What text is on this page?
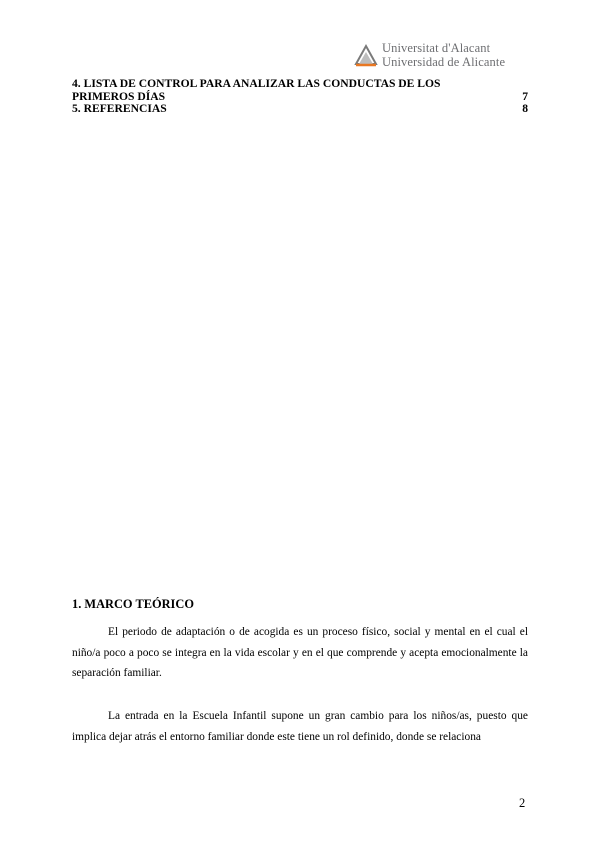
Universitat d'Alacant
Universidad de Alicante
4. LISTA DE CONTROL PARA ANALIZAR LAS CONDUCTAS DE LOS PRIMEROS DÍAS	7
5. REFERENCIAS	8
1. MARCO TEÓRICO

El periodo de adaptación o de acogida es un proceso físico, social y mental en el cual el niño/a poco a poco se integra en la vida escolar y en el que comprende y acepta emocionalmente la separación familiar.

La entrada en la Escuela Infantil supone un gran cambio para los niños/as, puesto que implica dejar atrás el entorno familiar donde este tiene un rol definido, donde se relaciona

2
